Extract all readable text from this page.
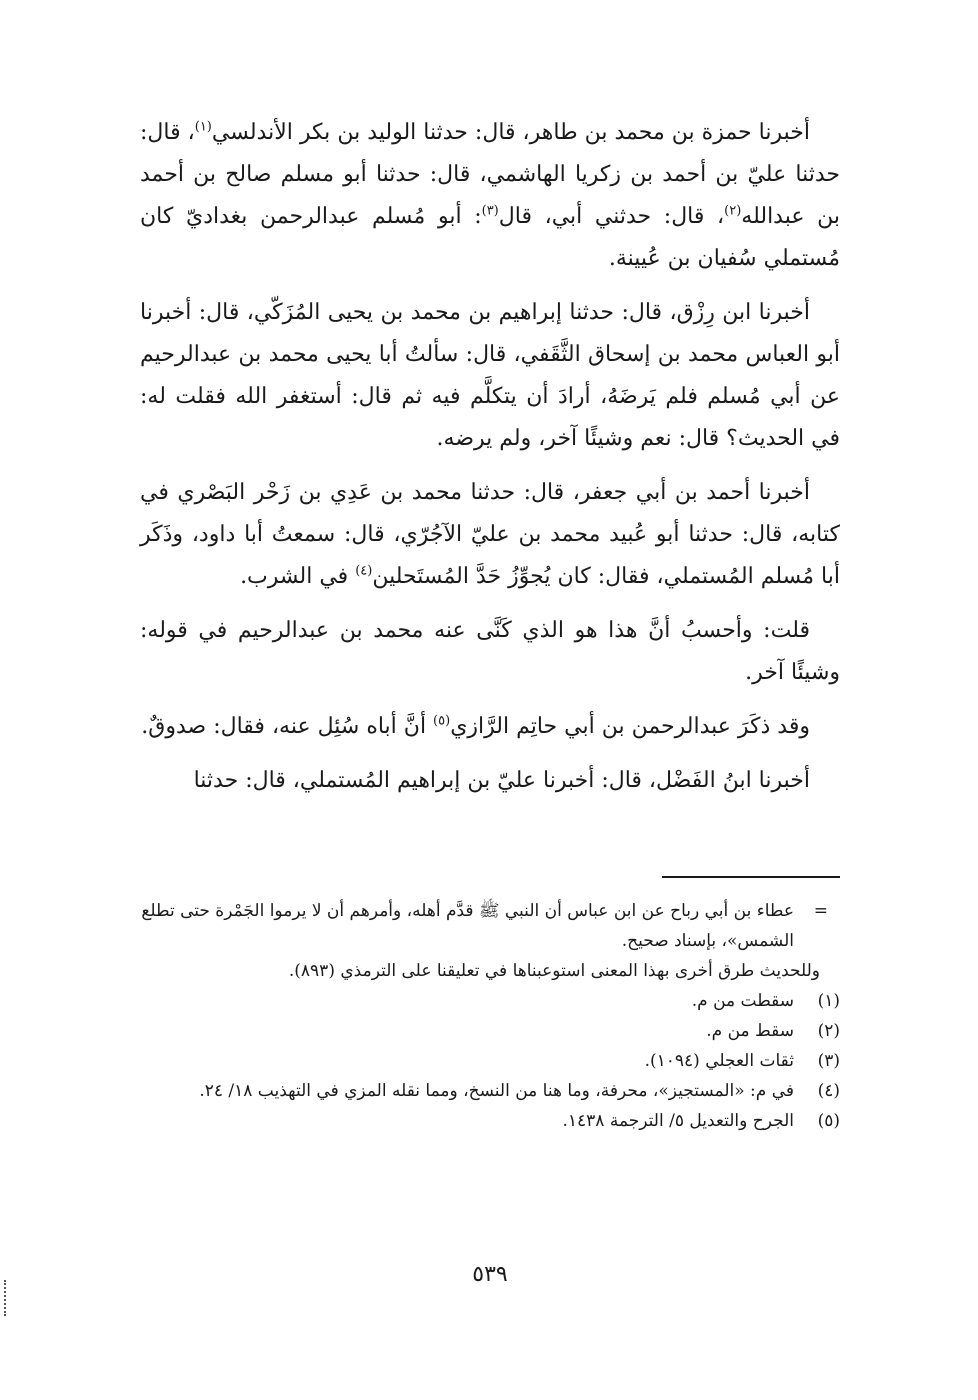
أخبرنا حمزة بن محمد بن طاهر، قال: حدثنا الوليد بن بكر الأندلسي$^{(١)}$، قال: حدثنا عليّ بن أحمد بن زكريا الهاشمي، قال: حدثنا أبو مسلم صالح بن أحمد بن عبدالله$^{(٢)}$، قال: حدثني أبي، قال$^{(٣)}$: أبو مُسلم عبدالرحمن بغداديّ كان مُستملي سُفيان بن عُيينة.

أخبرنا ابن رِزْق، قال: حدثنا إبراهيم بن محمد بن يحيى المُزَكّي، قال: أخبرنا أبو العباس محمد بن إسحاق الثَّقَفي، قال: سألتُ أبا يحيى محمد بن عبدالرحيم عن أبي مُسلم فلم يَرضَهُ، أرادَ أن يتكلَّم فيه ثم قال: أستغفر الله فقلت له: في الحديث؟ قال: نعم وشيئًا آخر، ولم يرضه.

أخبرنا أحمد بن أبي جعفر، قال: حدثنا محمد بن عَدِي بن زَحْر البَصْري في كتابه، قال: حدثنا أبو عُبيد محمد بن عليّ الآجُرّي، قال: سمعتُ أبا داود، وذَكَر أبا مُسلم المُستملي، فقال: كان يُجوِّزُ حَدَّ المُستَحلين$^{(٤)}$ في الشرب.

قلت: وأحسبُ أنَّ هذا هو الذي كَنَّى عنه محمد بن عبدالرحيم في قوله: وشيئًا آخر.

وقد ذكَرَ عبدالرحمن بن أبي حاتِم الرَّازي$^{(٥)}$ أنَّ أباه سُئِل عنه، فقال: صدوقٌ.

أخبرنا ابنُ الفَضْل، قال: أخبرنا عليّ بن إبراهيم المُستملي، قال: حدثنا

=
عطاء بن أبي رباح عن ابن عباس أن النبي ﷺ قدَّم أهله، وأمرهم أن لا يرموا الجَمْرة حتى تطلع الشمس»، بإسناد صحيح.

وللحديث طرق أخرى بهذا المعنى استوعبناها في تعليقنا على الترمذي (٨٩٣).

(١)
سقطت من م.
(٢)
سقط من م.
(٣)
ثقات العجلي (١٠٩٤).
(٤)
في م: «المستجيز»، محرفة، وما هنا من النسخ، ومما نقله المزي في التهذيب ١٨/ ٢٤.
(٥)
الجرح والتعديل ٥/ الترجمة ١٤٣٨.
٥٣٩
